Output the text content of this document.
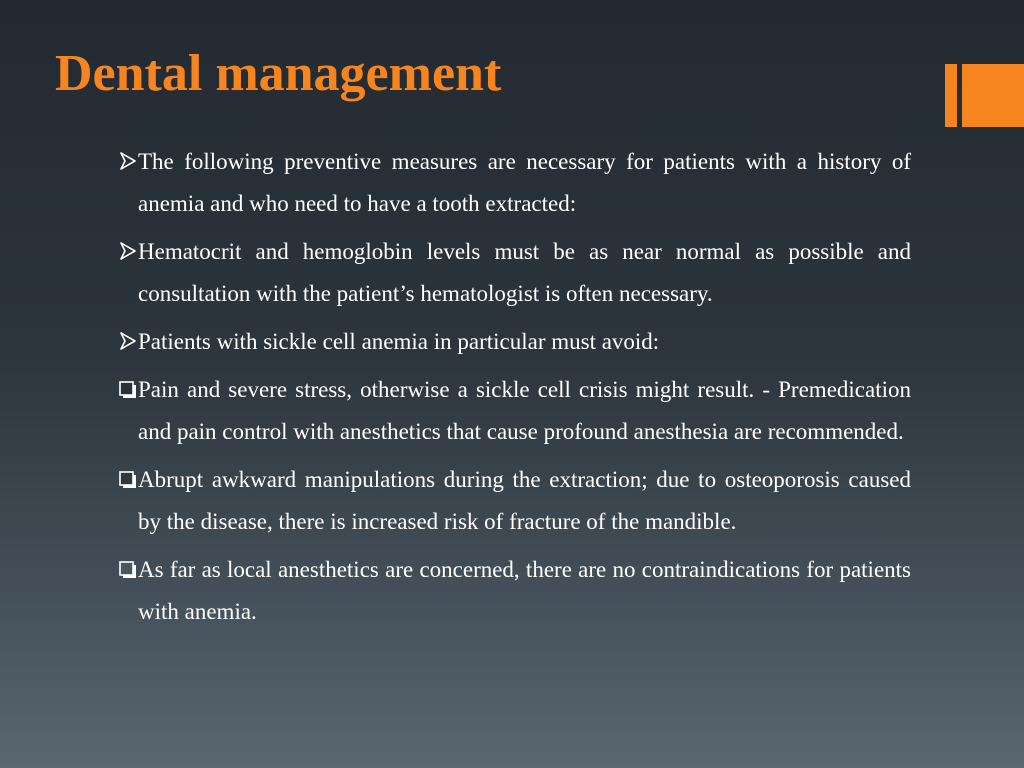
Dental management
The following preventive measures are necessary for patients with a history of anemia and who need to have a tooth extracted:
Hematocrit and hemoglobin levels must be as near normal as possible and consultation with the patient’s hematologist is often necessary.
Patients with sickle cell anemia in particular must avoid:
Pain and severe stress, otherwise a sickle cell crisis might result. - Premedication and pain control with anesthetics that cause profound anesthesia are recommended.
Abrupt awkward manipulations during the extraction; due to osteoporosis caused by the disease, there is increased risk of fracture of the mandible.
As far as local anesthetics are concerned, there are no contraindications for patients with anemia.
